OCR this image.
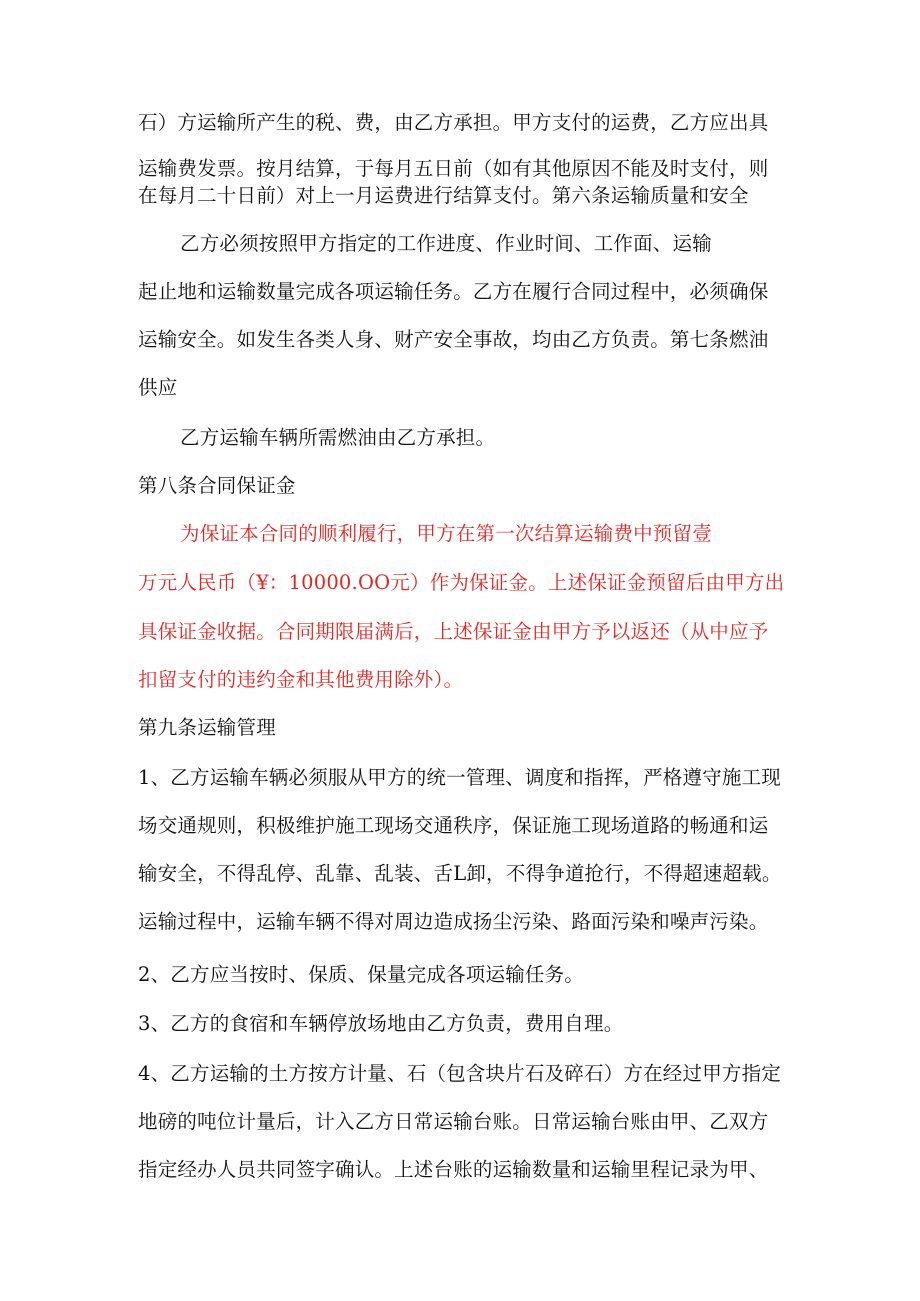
石）方运输所产生的税、费，由乙方承担。甲方支付的运费，乙方应出具
运输费发票。按月结算，于每月五日前（如有其他原因不能及时支付，则
在每月二十日前）对上一月运费进行结算支付。第六条运输质量和安全
乙方必须按照甲方指定的工作进度、作业时间、工作面、运输
起止地和运输数量完成各项运输任务。乙方在履行合同过程中，必须确保
运输安全。如发生各类人身、财产安全事故，均由乙方负责。第七条燃油
供应
乙方运输车辆所需燃油由乙方承担。
第八条合同保证金
为保证本合同的顺利履行，甲方在第一次结算运输费中预留壹
万元人民币（¥：10000.OO元）作为保证金。上述保证金预留后由甲方出
具保证金收据。合同期限届满后，上述保证金由甲方予以返还（从中应予
扣留支付的违约金和其他费用除外）。
第九条运输管理
1、乙方运输车辆必须服从甲方的统一管理、调度和指挥，严格遵守施工现
场交通规则，积极维护施工现场交通秩序，保证施工现场道路的畅通和运
输安全，不得乱停、乱靠、乱装、舌L卸，不得争道抢行，不得超速超载。
运输过程中，运输车辆不得对周边造成扬尘污染、路面污染和噪声污染。
2、乙方应当按时、保质、保量完成各项运输任务。
3、乙方的食宿和车辆停放场地由乙方负责，费用自理。
4、乙方运输的土方按方计量、石（包含块片石及碎石）方在经过甲方指定
地磅的吨位计量后，计入乙方日常运输台账。日常运输台账由甲、乙双方
指定经办人员共同签字确认。上述台账的运输数量和运输里程记录为甲、
